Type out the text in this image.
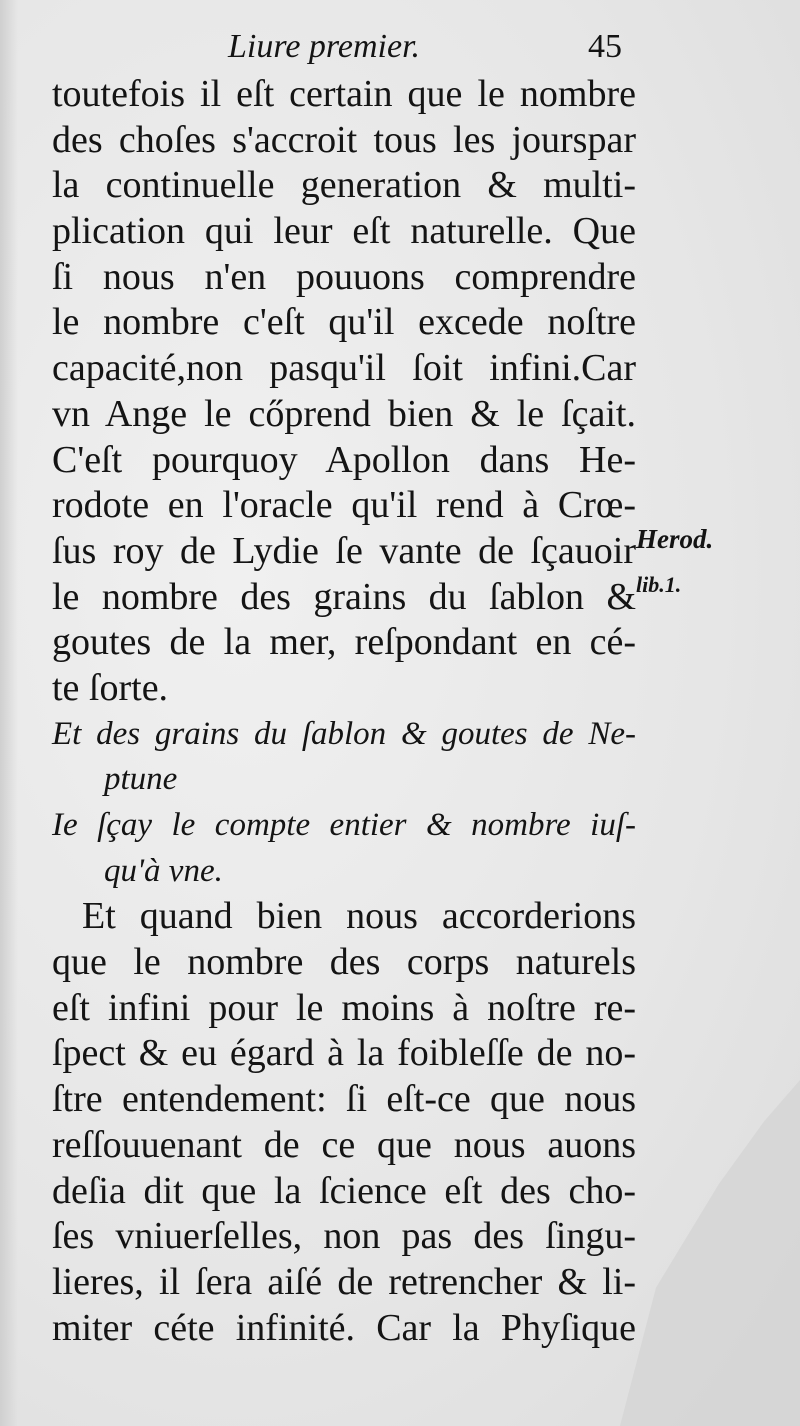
Liure premier.	45
toutefois il eſt certain que le nombre
des choſes s'accroit tous les jourspar
la continuelle generation & multi-
plication qui leur eſt naturelle. Que
ſi nous n'en pouuons comprendre
le nombre c'eſt qu'il excede noſtre
capacité,non pasqu'il ſoit infini.Car
vn Ange le cőprend bien & le ſçait.
C'eſt pourquoy Apollon dans He-
rodote en l'oracle qu'il rend à Crœ-
ſus roy de Lydie ſe vante de ſçauoir
le nombre des grains du ſablon &
goutes de la mer, reſpondant en cé-
te ſorte.
Et des grains du ſablon & goutes de Ne-
ptune
Ie ſçay le compte entier & nombre iuſ-
qu'à vne.
Et quand bien nous accorderions
que le nombre des corps naturels
eſt infini pour le moins à noſtre re-
ſpect & eu égard à la foibleſſe de no-
ſtre entendement: ſi eſt-ce que nous
reſſouuenant de ce que nous auons
deſia dit que la ſcience eſt des cho-
ſes vniuerſelles, non pas des ſingu-
lieres, il ſera aiſé de retrencher & li-
miter céte infinité. Car la Phyſique
Herod.
lib.1.
